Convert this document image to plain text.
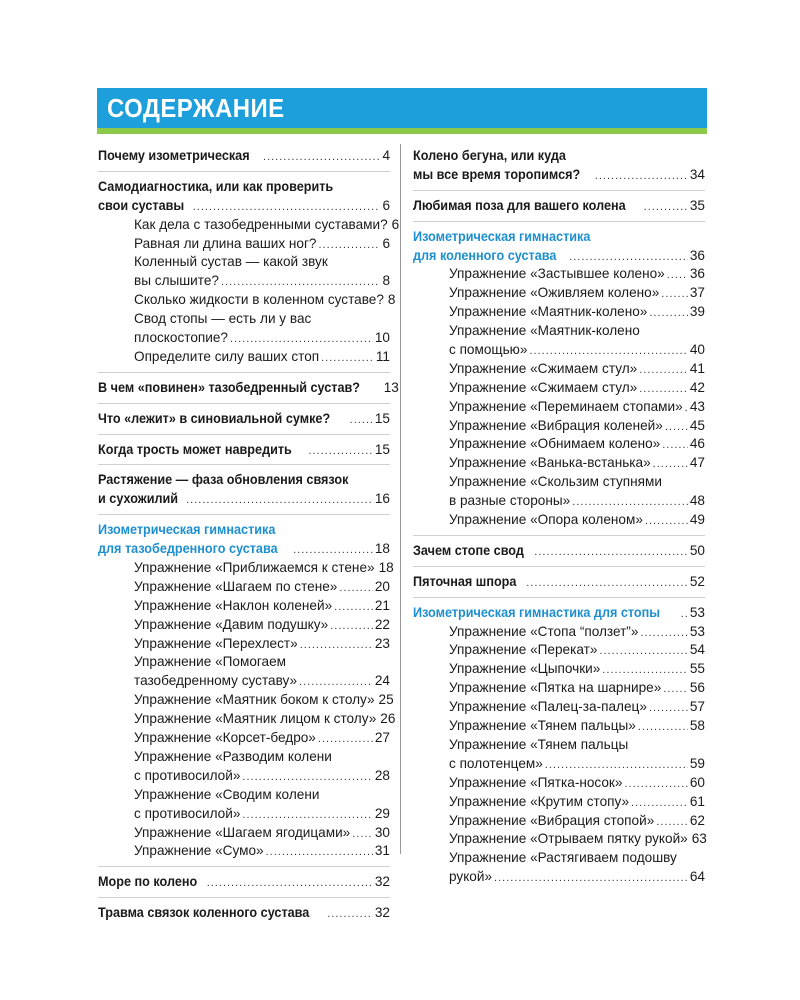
СОДЕРЖАНИЕ
Почему изометрическая .....	4
Самодиагностика, или как проверить
свои суставы .....	6
Как дела с тазобедренными суставами? 6
Равная ли длина ваших ног? .....	6
Коленный сустав — какой звук
вы слышите? .....	8
Сколько жидкости в коленном суставе? 8
Свод стопы — есть ли у вас
плоскостопие? .....	10
Определите силу ваших стоп .....	11
В чем «повинен» тазобедренный сустав? 13
Что «лежит» в синовиальной сумке? .....	15
Когда трость может навредить .....	15
Растяжение — фаза обновления связок
и сухожилий .....	16
Изометрическая гимнастика
для тазобедренного сустава .....	18
Упражнение «Приближаемся к стене» 18
Упражнение «Шагаем по стене» .....	20
Упражнение «Наклон коленей» .....	21
Упражнение «Давим подушку» .....	22
Упражнение «Перехлест» .....	23
Упражнение «Помогаем
тазобедренному суставу» .....	24
Упражнение «Маятник боком к столу» 25
Упражнение «Маятник лицом к столу» 26
Упражнение «Корсет-бедро» .....	27
Упражнение «Разводим колени
с противосилой» .....	28
Упражнение «Сводим колени
с противосилой» .....	29
Упражнение «Шагаем ягодицами» ..... 30
Упражнение «Сумо» .....	31
Море по колено .....	32
Травма связок коленного сустава .....	32
Колено бегуна, или куда
мы все время торопимся? .....	34
Любимая поза для вашего колена .....	35
Изометрическая гимнастика
для коленного сустава .....	36
Упражнение «Застывшее колено» ..... 36
Упражнение «Оживляем колено» ..... 37
Упражнение «Маятник-колено» .....	39
Упражнение «Маятник-колено
с помощью» .....	40
Упражнение «Сжимаем стул» .....	41
Упражнение «Сжимаем стул» .....	42
Упражнение «Переминаем стопами» ..... 43
Упражнение «Вибрация коленей» ..... 45
Упражнение «Обнимаем колено» ..... 46
Упражнение «Ванька-встанька» .....	47
Упражнение «Скользим ступнями
в разные стороны» .....	48
Упражнение «Опора коленом» .....	49
Зачем стопе свод .....	50
Пяточная шпора .....	52
Изометрическая гимнастика для стопы ..... 53
Упражнение «Стопа “ползет”» .....	53
Упражнение «Перекат» .....	54
Упражнение «Цыпочки» .....	55
Упражнение «Пятка на шарнире» ..... 56
Упражнение «Палец-за-палец» .....	57
Упражнение «Тянем пальцы» .....	58
Упражнение «Тянем пальцы
с полотенцем» .....	59
Упражнение «Пятка-носок» .....	60
Упражнение «Крутим стопу» .....	61
Упражнение «Вибрация стопой» .....	62
Упражнение «Отрываем пятку рукой» 63
Упражнение «Растягиваем подошву
рукой» .....	64
